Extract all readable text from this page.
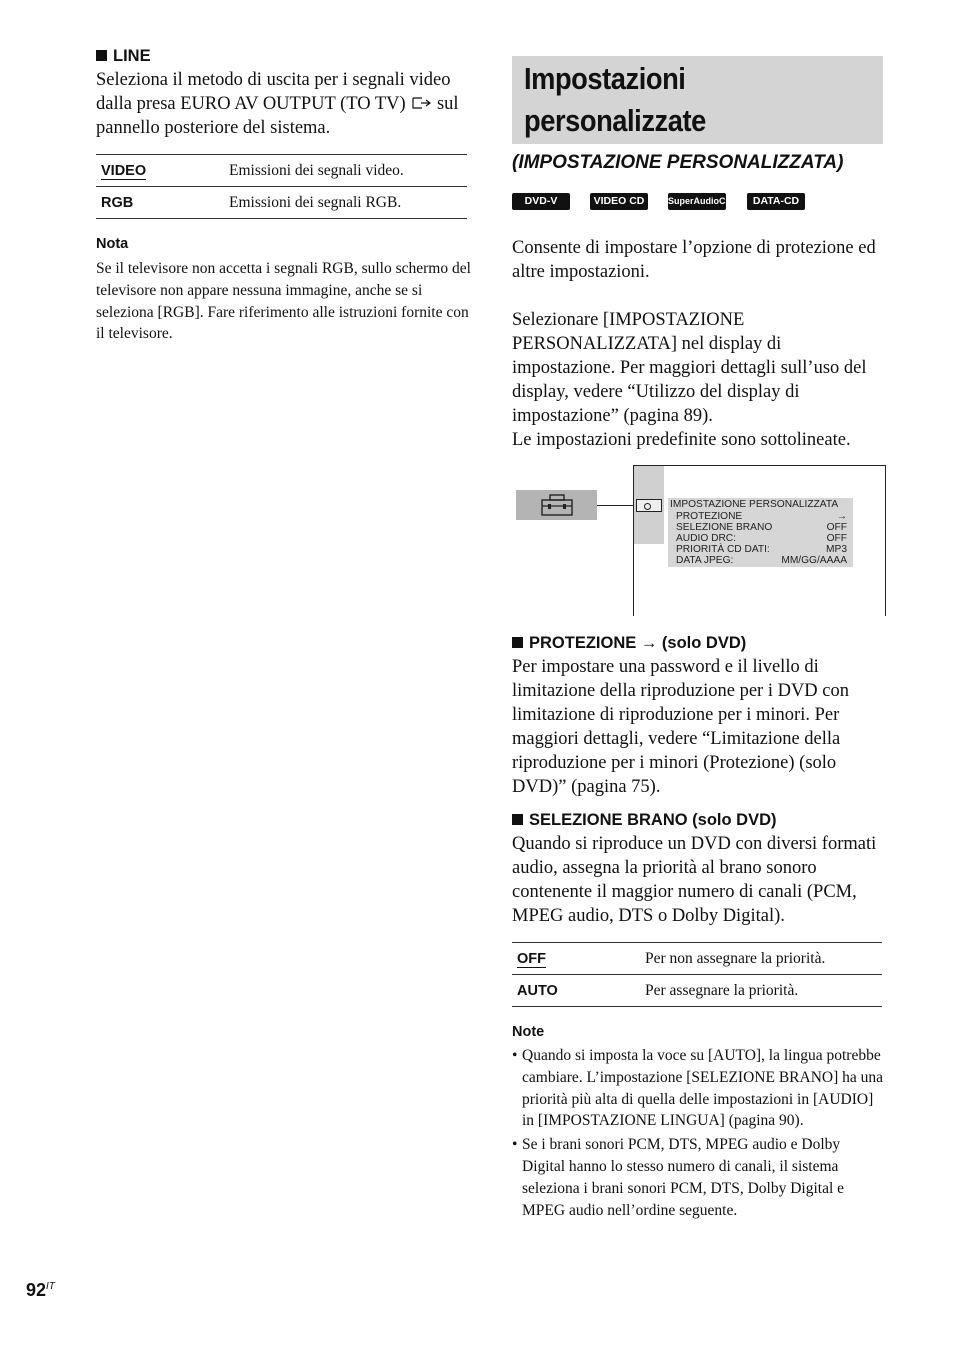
LINE
Seleziona il metodo di uscita per i segnali video dalla presa EURO AV OUTPUT (TO TV) sul pannello posteriore del sistema.
VIDEO	Emissioni dei segnali video.
RGB	Emissioni dei segnali RGB.
Nota
Se il televisore non accetta i segnali RGB, sullo schermo del televisore non appare nessuna immagine, anche se si seleziona [RGB]. Fare riferimento alle istruzioni fornite con il televisore.
Impostazioni
personalizzate
(IMPOSTAZIONE PERSONALIZZATA)
DVD-V	VIDEO CD	SuperAudioCD	DATA-CD
Consente di impostare l’opzione di protezione ed altre impostazioni.
Selezionare [IMPOSTAZIONE PERSONALIZZATA] nel display di impostazione. Per maggiori dettagli sull’uso del display, vedere “Utilizzo del display di impostazione” (pagina 89).
Le impostazioni predefinite sono sottolineate.
IMPOSTAZIONE PERSONALIZZATA
PROTEZIONE	→
SELEZIONE BRANO	OFF
AUDIO DRC:	OFF
PRIORITÀ CD DATI:	MP3
DATA JPEG:	MM/GG/AAAA
PROTEZIONE → (solo DVD)
Per impostare una password e il livello di limitazione della riproduzione per i DVD con limitazione di riproduzione per i minori. Per maggiori dettagli, vedere “Limitazione della riproduzione per i minori (Protezione) (solo DVD)” (pagina 75).
SELEZIONE BRANO (solo DVD)
Quando si riproduce un DVD con diversi formati audio, assegna la priorità al brano sonoro contenente il maggior numero di canali (PCM, MPEG audio, DTS o Dolby Digital).
OFF	Per non assegnare la priorità.
AUTO	Per assegnare la priorità.
Note
• Quando si imposta la voce su [AUTO], la lingua potrebbe cambiare. L’impostazione [SELEZIONE BRANO] ha una priorità più alta di quella delle impostazioni in [AUDIO] in [IMPOSTAZIONE LINGUA] (pagina 90).
• Se i brani sonori PCM, DTS, MPEG audio e Dolby Digital hanno lo stesso numero di canali, il sistema seleziona i brani sonori PCM, DTS, Dolby Digital e MPEG audio nell’ordine seguente.
$92^{IT}$
